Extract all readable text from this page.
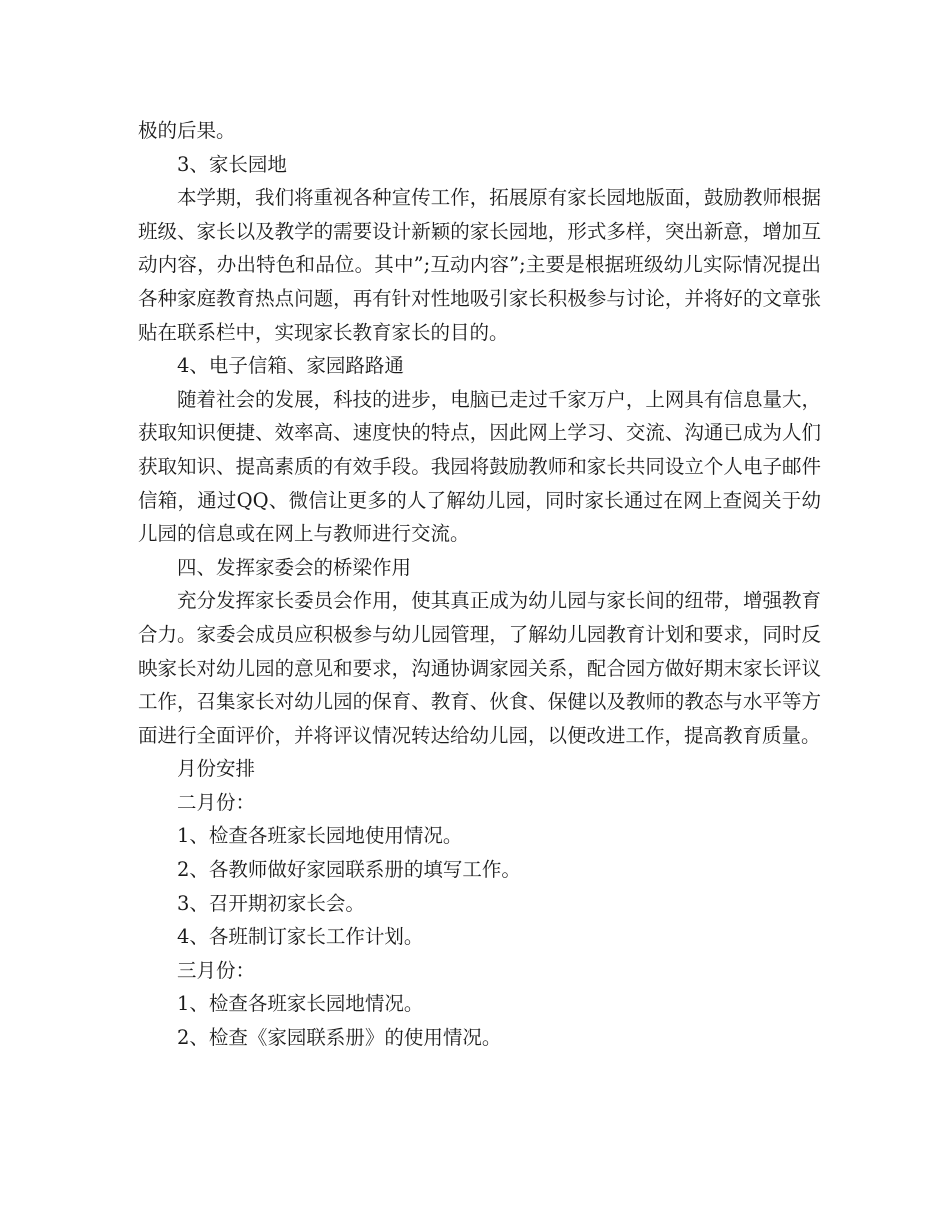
极的后果。

3、家长园地

本学期，我们将重视各种宣传工作，拓展原有家长园地版面，鼓励教师根据班级、家长以及教学的需要设计新颖的家长园地，形式多样，突出新意，增加互动内容，办出特色和品位。其中”;互动内容”;主要是根据班级幼儿实际情况提出各种家庭教育热点问题，再有针对性地吸引家长积极参与讨论，并将好的文章张贴在联系栏中，实现家长教育家长的目的。

4、电子信箱、家园路路通

随着社会的发展，科技的进步，电脑已走过千家万户，上网具有信息量大，获取知识便捷、效率高、速度快的特点，因此网上学习、交流、沟通已成为人们获取知识、提高素质的有效手段。我园将鼓励教师和家长共同设立个人电子邮件信箱，通过QQ、微信让更多的人了解幼儿园，同时家长通过在网上查阅关于幼儿园的信息或在网上与教师进行交流。

四、发挥家委会的桥梁作用

充分发挥家长委员会作用，使其真正成为幼儿园与家长间的纽带，增强教育合力。家委会成员应积极参与幼儿园管理，了解幼儿园教育计划和要求，同时反映家长对幼儿园的意见和要求，沟通协调家园关系，配合园方做好期末家长评议工作，召集家长对幼儿园的保育、教育、伙食、保健以及教师的教态与水平等方面进行全面评价，并将评议情况转达给幼儿园，以便改进工作，提高教育质量。

月份安排

二月份：

1、检查各班家长园地使用情况。

2、各教师做好家园联系册的填写工作。

3、召开期初家长会。

4、各班制订家长工作计划。

三月份：

1、检查各班家长园地情况。

2、检查《家园联系册》的使用情况。
